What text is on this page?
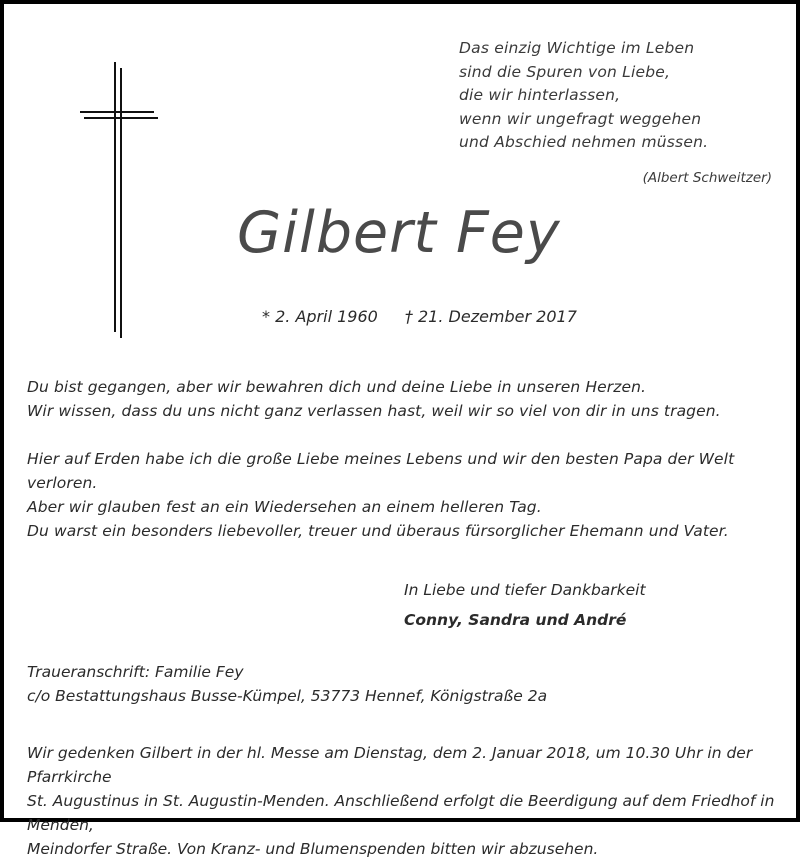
Das einzig Wichtige im Leben
sind die Spuren von Liebe,
die wir hinterlassen,
wenn wir ungefragt weggehen
und Abschied nehmen müssen.
(Albert Schweitzer)
Gilbert Fey
* 2. April 1960 † 21. Dezember 2017
Du bist gegangen, aber wir bewahren dich und deine Liebe in unseren Herzen.
Wir wissen, dass du uns nicht ganz verlassen hast, weil wir so viel von dir in uns tragen.
Hier auf Erden habe ich die große Liebe meines Lebens und wir den besten Papa der Welt verloren.
Aber wir glauben fest an ein Wiedersehen an einem helleren Tag.
Du warst ein besonders liebevoller, treuer und überaus fürsorglicher Ehemann und Vater.
In Liebe und tiefer Dankbarkeit
Conny, Sandra und André
Traueranschrift: Familie Fey
c/o Bestattungshaus Busse-Kümpel, 53773 Hennef, Königstraße 2a
Wir gedenken Gilbert in der hl. Messe am Dienstag, dem 2. Januar 2018, um 10.30 Uhr in der Pfarrkirche
St. Augustinus in St. Augustin-Menden. Anschließend erfolgt die Beerdigung auf dem Friedhof in Menden,
Meindorfer Straße. Von Kranz- und Blumenspenden bitten wir abzusehen.
